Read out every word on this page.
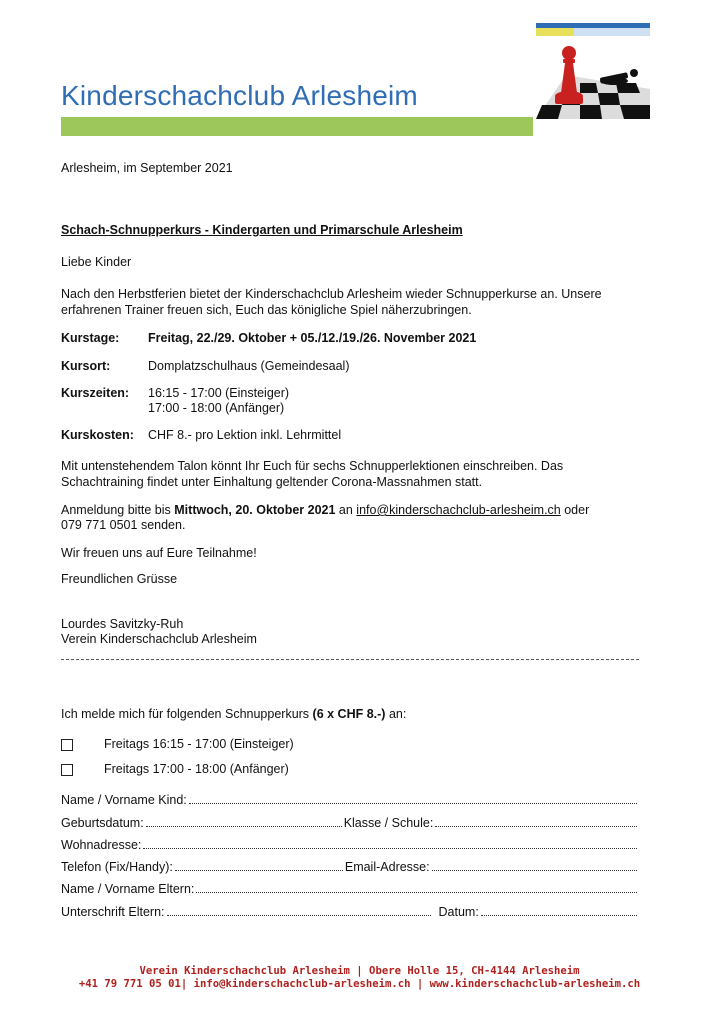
Kinderschachclub Arlesheim
Arlesheim, im September 2021
Schach-Schnupperkurs - Kindergarten und Primarschule Arlesheim
Liebe Kinder
Nach den Herbstferien bietet der Kinderschachclub Arlesheim wieder Schnupperkurse an. Unsere erfahrenen Trainer freuen sich, Euch das königliche Spiel näherzubringen.
Kurstage: Freitag, 22./29. Oktober + 05./12./19./26. November 2021
Kursort:	Domplatzschulhaus (Gemeindesaal)
Kurszeiten: 16:15 - 17:00 (Einsteiger)
17:00 - 18:00 (Anfänger)
Kurskosten: CHF 8.- pro Lektion inkl. Lehrmittel
Mit untenstehendem Talon könnt Ihr Euch für sechs Schnupperlektionen einschreiben. Das Schachtraining findet unter Einhaltung geltender Corona-Massnahmen statt.
Anmeldung bitte bis Mittwoch, 20. Oktober 2021 an info@kinderschachclub-arlesheim.ch oder
079 771 0501 senden.
Wir freuen uns auf Eure Teilnahme!
Freundlichen Grüsse
Lourdes Savitzky-Ruh
Verein Kinderschachclub Arlesheim
Ich melde mich für folgenden Schnupperkurs (6 x CHF 8.-) an:
Freitags 16:15 - 17:00 (Einsteiger)
Freitags 17:00 - 18:00 (Anfänger)
Name / Vorname Kind:
Geburtsdatum:	Klasse / Schule:
Wohnadresse:
Telefon (Fix/Handy):	Email-Adresse:
Name / Vorname Eltern:
Unterschrift Eltern:	Datum:
Verein Kinderschachclub Arlesheim | Obere Holle 15, CH-4144 Arlesheim
+41 79 771 05 01| info@kinderschachclub-arlesheim.ch | www.kinderschachclub-arlesheim.ch
